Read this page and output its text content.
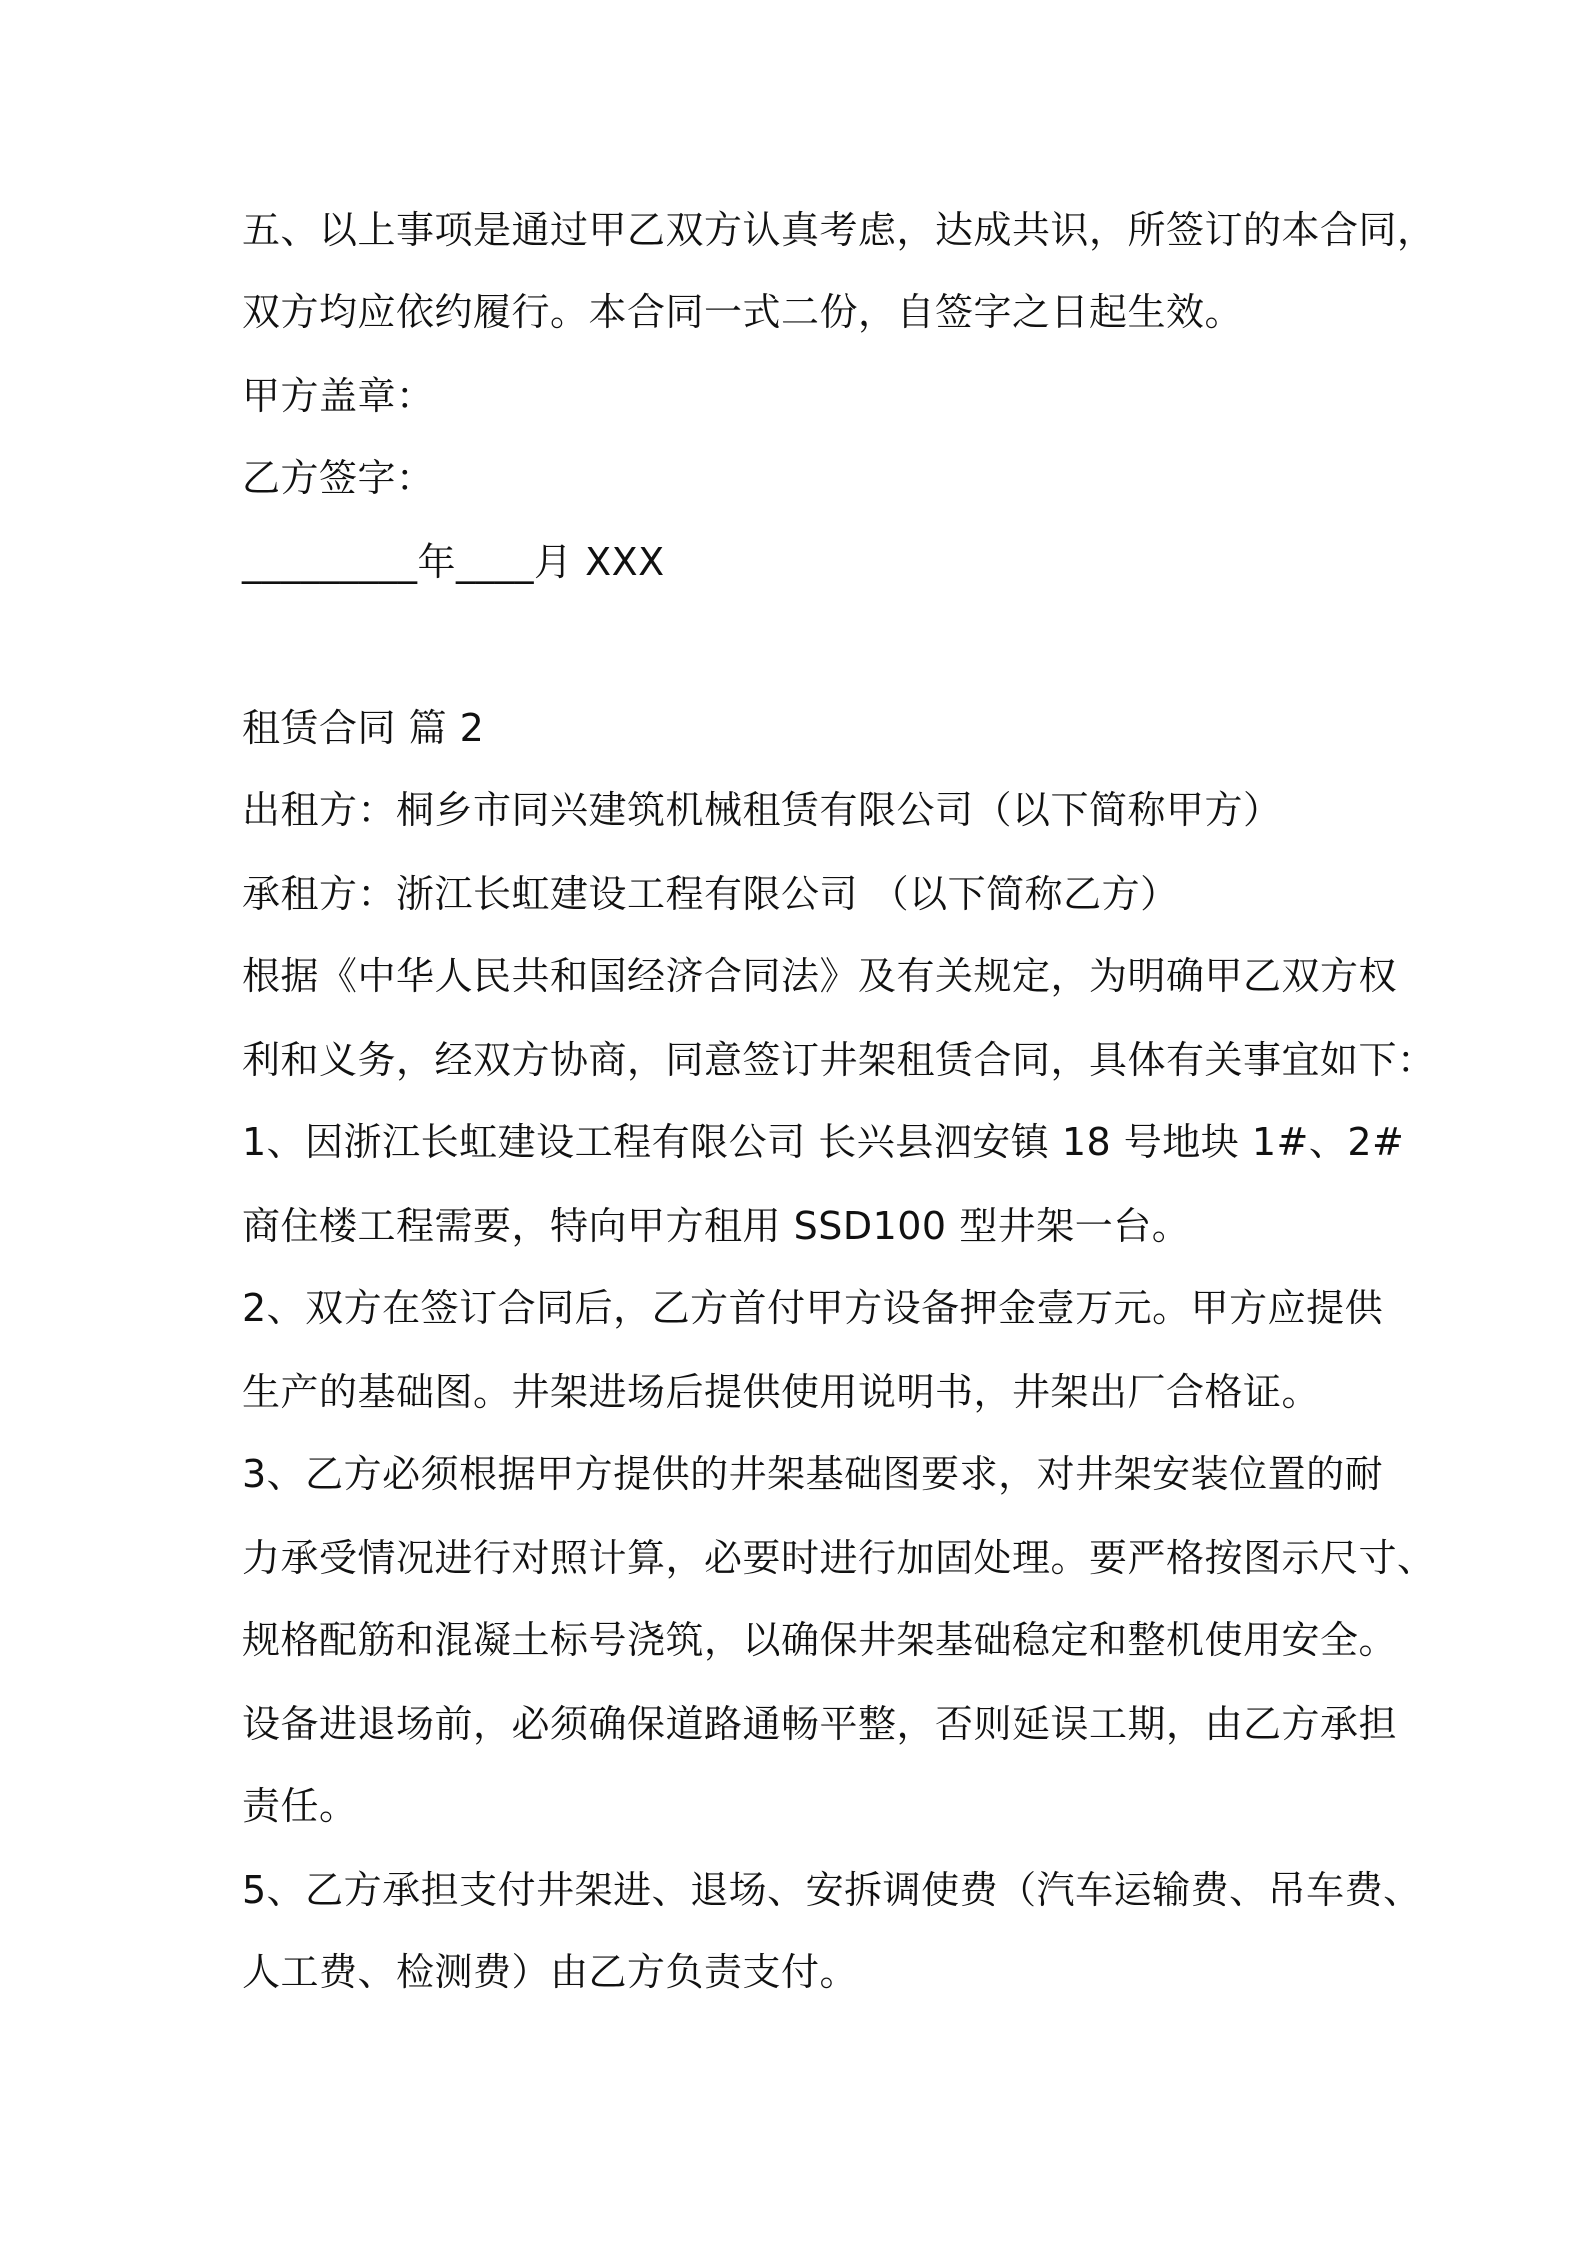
五、以上事项是通过甲乙双方认真考虑，达成共识，所签订的本合同，
双方均应依约履行。本合同一式二份，自签字之日起生效。
甲方盖章：
乙方签字：
_________年____月 XXX
租赁合同 篇 2
出租方：桐乡市同兴建筑机械租赁有限公司（以下简称甲方）
承租方：浙江长虹建设工程有限公司 （以下简称乙方）
根据《中华人民共和国经济合同法》及有关规定，为明确甲乙双方权
利和义务，经双方协商，同意签订井架租赁合同，具体有关事宜如下：
1、因浙江长虹建设工程有限公司 长兴县泗安镇 18 号地块 1#、2#
商住楼工程需要，特向甲方租用 SSD100 型井架一台。
2、双方在签订合同后，乙方首付甲方设备押金壹万元。甲方应提供
生产的基础图。井架进场后提供使用说明书，井架出厂合格证。
3、乙方必须根据甲方提供的井架基础图要求，对井架安装位置的耐
力承受情况进行对照计算，必要时进行加固处理。要严格按图示尺寸、
规格配筋和混凝土标号浇筑，以确保井架基础稳定和整机使用安全。
设备进退场前，必须确保道路通畅平整，否则延误工期，由乙方承担
责任。
5、乙方承担支付井架进、退场、安拆调使费（汽车运输费、吊车费、
人工费、检测费）由乙方负责支付。
